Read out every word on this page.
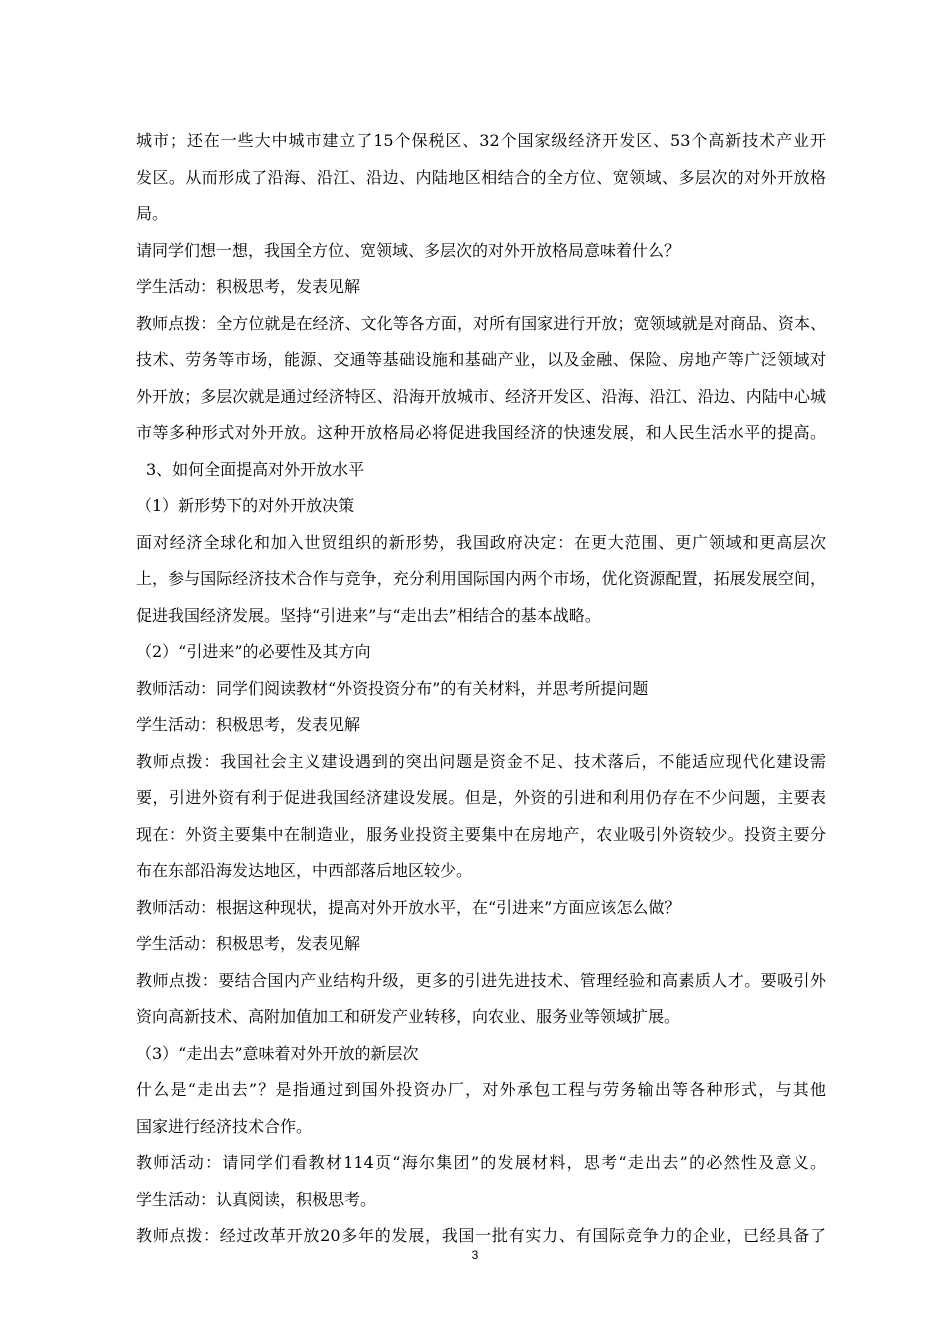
城市；还在一些大中城市建立了15个保税区、32个国家级经济开发区、53个高新技术产业开
发区。从而形成了沿海、沿江、沿边、内陆地区相结合的全方位、宽领域、多层次的对外开放格
局。
请同学们想一想，我国全方位、宽领域、多层次的对外开放格局意味着什么？
学生活动：积极思考，发表见解
教师点拨：全方位就是在经济、文化等各方面，对所有国家进行开放；宽领域就是对商品、资本、
技术、劳务等市场，能源、交通等基础设施和基础产业，以及金融、保险、房地产等广泛领域对
外开放；多层次就是通过经济特区、沿海开放城市、经济开发区、沿海、沿江、沿边、内陆中心城
市等多种形式对外开放。这种开放格局必将促进我国经济的快速发展，和人民生活水平的提高。
3、如何全面提高对外开放水平
（1）新形势下的对外开放决策
面对经济全球化和加入世贸组织的新形势，我国政府决定：在更大范围、更广领域和更高层次
上，参与国际经济技术合作与竞争，充分利用国际国内两个市场，优化资源配置，拓展发展空间，
促进我国经济发展。坚持“引进来”与“走出去”相结合的基本战略。
（2）“引进来”的必要性及其方向
教师活动：同学们阅读教材“外资投资分布”的有关材料，并思考所提问题
学生活动：积极思考，发表见解
教师点拨：我国社会主义建设遇到的突出问题是资金不足、技术落后，不能适应现代化建设需
要，引进外资有利于促进我国经济建设发展。但是，外资的引进和利用仍存在不少问题，主要表
现在：外资主要集中在制造业，服务业投资主要集中在房地产，农业吸引外资较少。投资主要分
布在东部沿海发达地区，中西部落后地区较少。
教师活动：根据这种现状，提高对外开放水平，在“引进来”方面应该怎么做？
学生活动：积极思考，发表见解
教师点拨：要结合国内产业结构升级，更多的引进先进技术、管理经验和高素质人才。要吸引外
资向高新技术、高附加值加工和研发产业转移，向农业、服务业等领域扩展。
（3）“走出去”意味着对外开放的新层次
什么是“走出去”？是指通过到国外投资办厂，对外承包工程与劳务输出等各种形式，与其他
国家进行经济技术合作。
教师活动：请同学们看教材114页“海尔集团”的发展材料，思考“走出去”的必然性及意义。
学生活动：认真阅读，积极思考。
教师点拨：经过改革开放20多年的发展，我国一批有实力、有国际竞争力的企业，已经具备了
3
